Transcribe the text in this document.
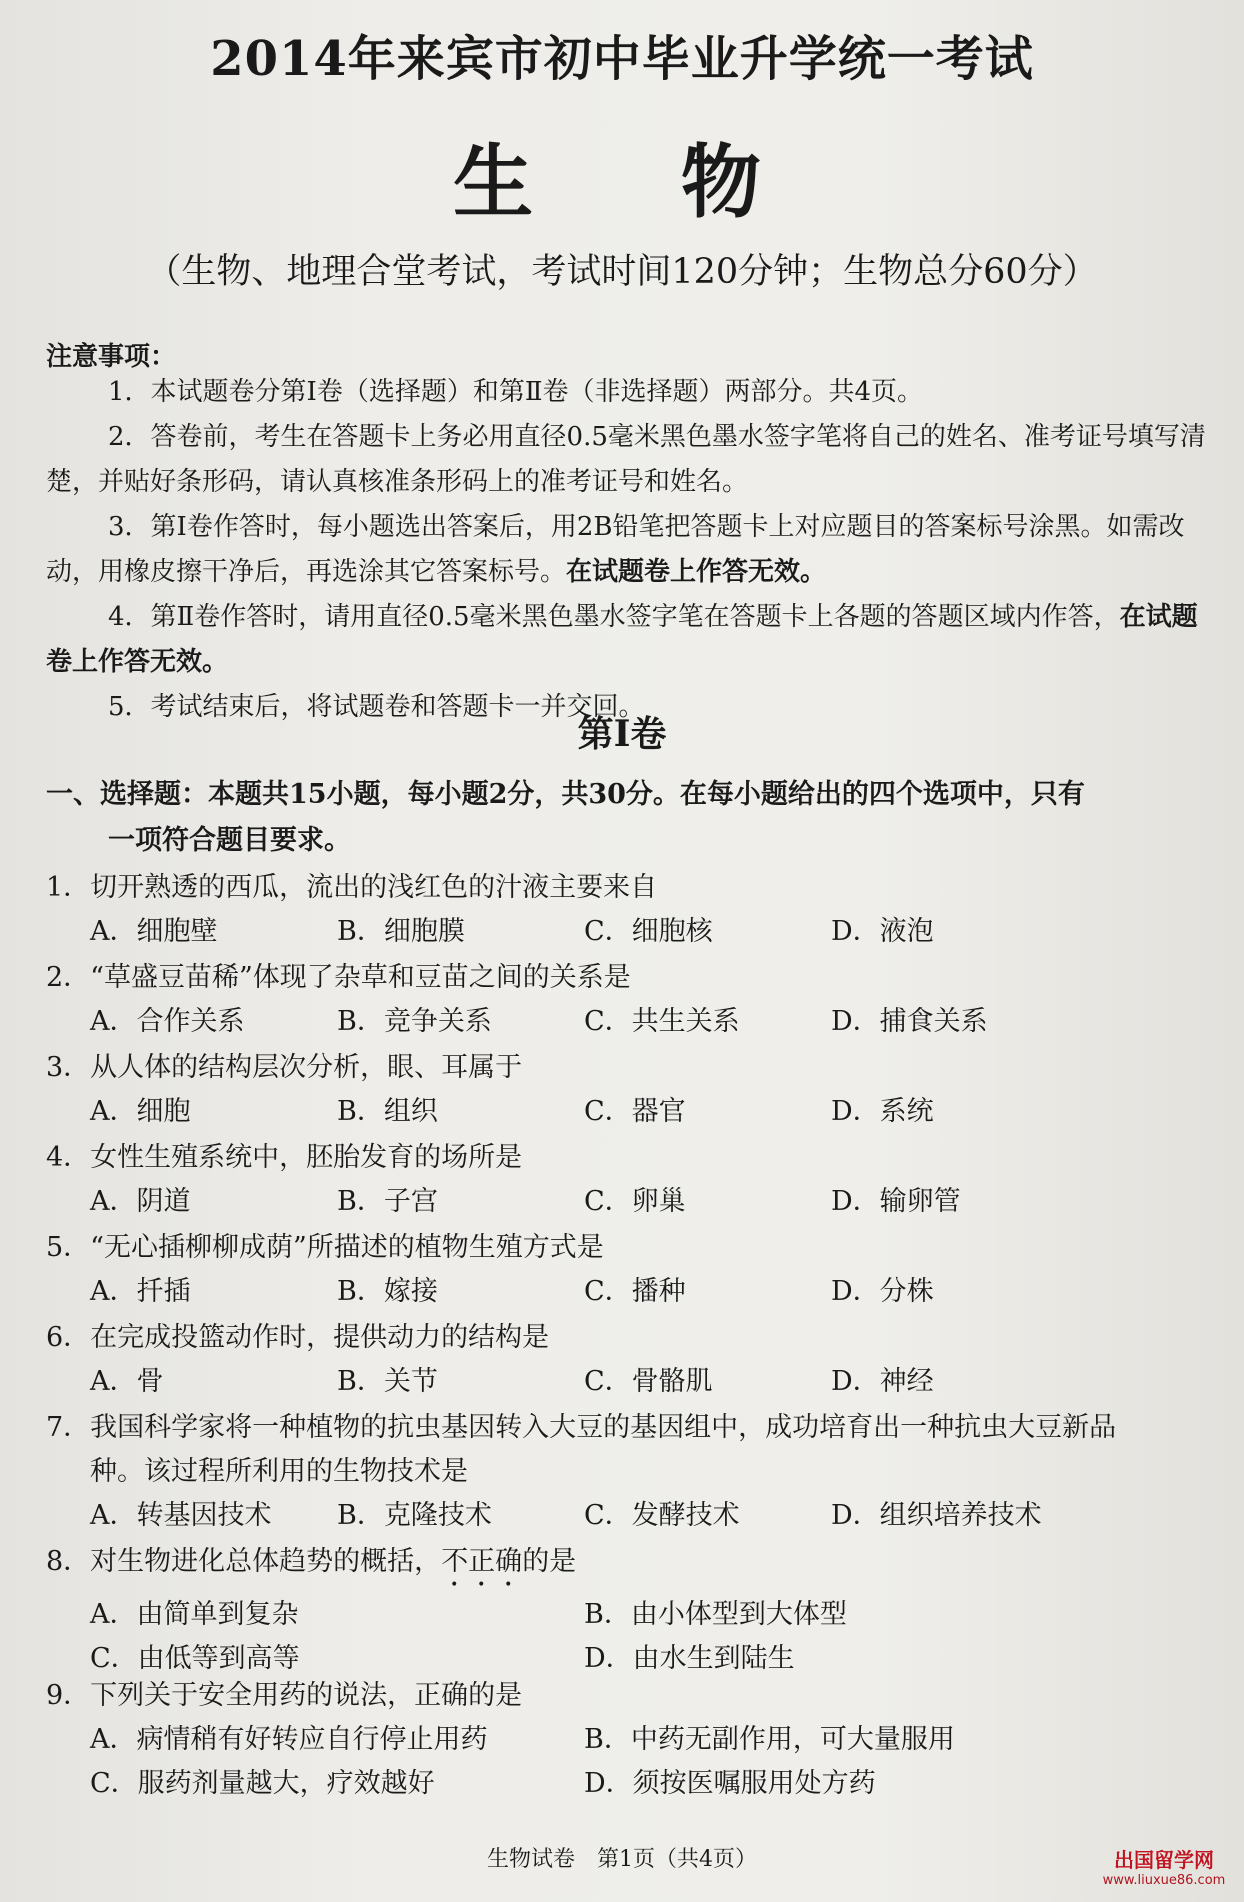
2014年来宾市初中毕业升学统一考试
生 物
（生物、地理合堂考试，考试时间120分钟；生物总分60分）
注意事项：

1．本试题卷分第Ⅰ卷（选择题）和第Ⅱ卷（非选择题）两部分。共4页。

2．答卷前，考生在答题卡上务必用直径0.5毫米黑色墨水签字笔将自己的姓名、准考证号填写清楚，并贴好条形码，请认真核准条形码上的准考证号和姓名。

3．第Ⅰ卷作答时，每小题选出答案后，用2B铅笔把答题卡上对应题目的答案标号涂黑。如需改动，用橡皮擦干净后，再选涂其它答案标号。在试题卷上作答无效。

4．第Ⅱ卷作答时，请用直径0.5毫米黑色墨水签字笔在答题卡上各题的答题区域内作答，在试题卷上作答无效。

5．考试结束后，将试题卷和答题卡一并交回。

第Ⅰ卷
一、选择题：本题共15小题，每小题2分，共30分。在每小题给出的四个选项中，只有
一项符合题目要求。

1．切开熟透的西瓜，流出的浅红色的汁液主要来自

A．细胞壁	B．细胞膜	C．细胞核	D．液泡

2．“草盛豆苗稀”体现了杂草和豆苗之间的关系是

A．合作关系	B．竞争关系	C．共生关系	D．捕食关系

3．从人体的结构层次分析，眼、耳属于

A．细胞	B．组织	C．器官	D．系统

4．女性生殖系统中，胚胎发育的场所是

A．阴道	B．子宫	C．卵巢	D．输卵管

5．“无心插柳柳成荫”所描述的植物生殖方式是

A．扦插	B．嫁接	C．播种	D．分株

6．在完成投篮动作时，提供动力的结构是

A．骨	B．关节	C．骨骼肌	D．神经

7．我国科学家将一种植物的抗虫基因转入大豆的基因组中，成功培育出一种抗虫大豆新品

种。该过程所利用的生物技术是

A．转基因技术	B．克隆技术	C．发酵技术	D．组织培养技术

8．对生物进化总体趋势的概括，不正确的是

A．由简单到复杂	B．由小体型到大体型
C．由低等到高等	D．由水生到陆生

9．下列关于安全用药的说法，正确的是

A．病情稍有好转应自行停止用药	B．中药无副作用，可大量服用
C．服药剂量越大，疗效越好	D．须按医嘱服用处方药
生物试卷　第1页（共4页）	出国留学网
www.liuxue86.com
